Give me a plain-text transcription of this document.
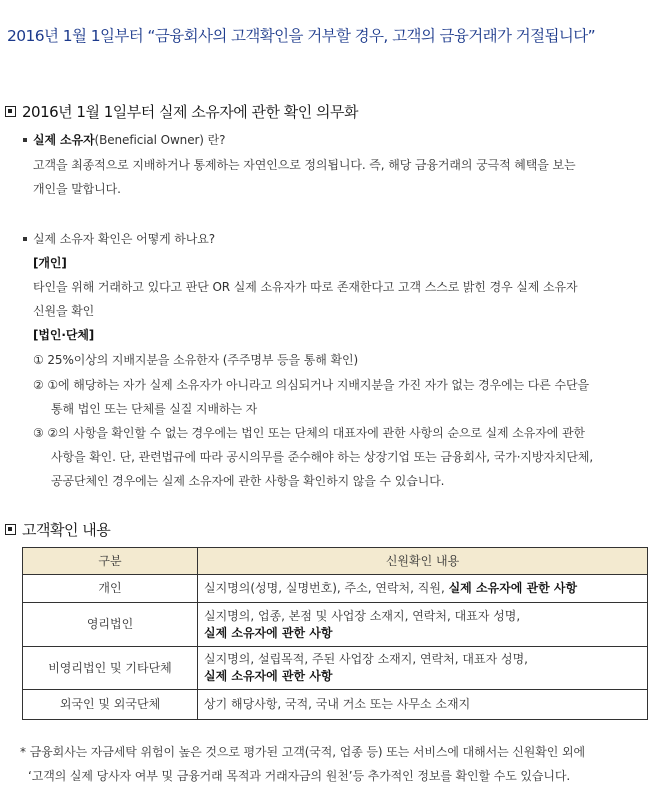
2016년 1월 1일부터 “금융회사의 고객확인을 거부할 경우, 고객의 금융거래가 거절됩니다”
2016년 1월 1일부터 실제 소유자에 관한 확인 의무화
실제 소유자(Beneficial Owner) 란?
고객을 최종적으로 지배하거나 통제하는 자연인으로 정의됩니다. 즉, 해당 금융거래의 궁극적 혜택을 보는
개인을 말합니다.
실제 소유자 확인은 어떻게 하나요?
[개인]
타인을 위해 거래하고 있다고 판단 OR 실제 소유자가 따로 존재한다고 고객 스스로 밝힌 경우 실제 소유자
신원을 확인
[법인·단체]
① 25%이상의 지배지분을 소유한자 (주주명부 등을 통해 확인)
② ①에 해당하는 자가 실제 소유자가 아니라고 의심되거나 지배지분을 가진 자가 없는 경우에는 다른 수단을
통해 법인 또는 단체를 실질 지배하는 자
③ ②의 사항을 확인할 수 없는 경우에는 법인 또는 단체의 대표자에 관한 사항의 순으로 실제 소유자에 관한
사항을 확인. 단, 관련법규에 따라 공시의무를 준수해야 하는 상장기업 또는 금융회사, 국가·지방자치단체,
공공단체인 경우에는 실제 소유자에 관한 사항을 확인하지 않을 수 있습니다.
고객확인 내용
구분	신원확인 내용
개인	실지명의(성명, 실명번호), 주소, 연락처, 직원, 실제 소유자에 관한 사항
영리법인	실지명의, 업종, 본점 및 사업장 소재지, 연락처, 대표자 성명,
실제 소유자에 관한 사항

비영리법인 및 기타단체	실지명의, 설립목적, 주된 사업장 소재지, 연락처, 대표자 성명,
실제 소유자에 관한 사항

외국인 및 외국단체	상기 해당사항, 국적, 국내 거소 또는 사무소 소재지
* 금융회사는 자금세탁 위험이 높은 것으로 평가된 고객(국적, 업종 등) 또는 서비스에 대해서는 신원확인 외에
‘고객의 실제 당사자 여부 및 금융거래 목적과 거래자금의 원천’등 추가적인 정보를 확인할 수도 있습니다.
